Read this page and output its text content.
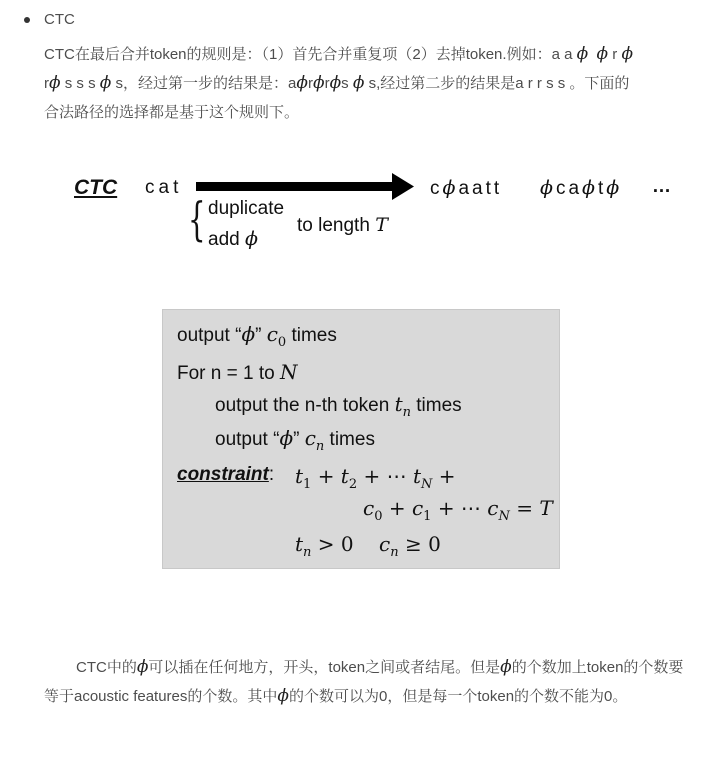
CTC
CTC在最后合并token的规则是：（1）首先合并重复项（2）去掉token.例如：a a ϕ ϕ r ϕ
rϕ s s s ϕ s，经过第一步的结果是：aϕrϕrϕs ϕ s,经过第二步的结果是a r r s s 。下面的
合法路径的选择都是基于这个规则下。
CTC cat	cϕaatt ϕcaϕtϕ …
{ duplicate
add ϕ
to length T
output “ϕ” $c_0$ times
For n = 1 to N
output the n-th token $t_n$ times
output “ϕ” $c_n$ times
constraint: $t_1 + t_2$ + ⋯ $t_N$ +
$c_0 + c_1$ + ⋯ $c_N = T$
$t_n > 0$    $c_n \ge 0$
CTC中的ϕ可以插在任何地方，开头，token之间或者结尾。但是ϕ的个数加上token的个数要等于acoustic features的个数。其中ϕ的个数可以为0，但是每一个token的个数不能为0。
